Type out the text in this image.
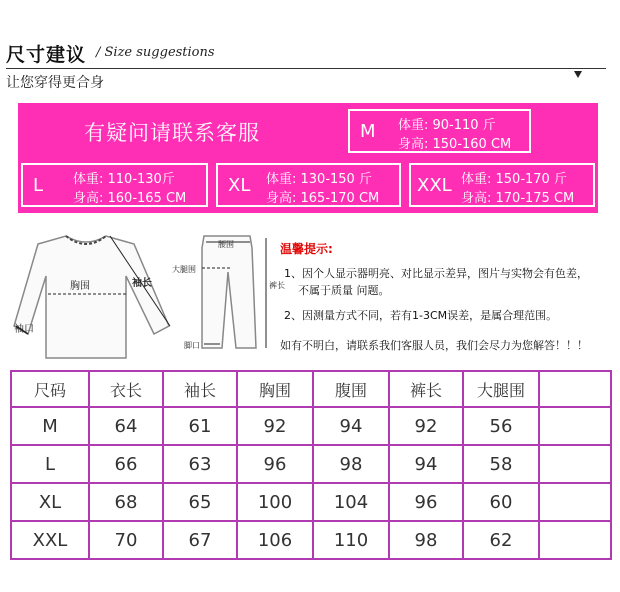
尺寸建议 / Size suggestions
让您穿得更合身
有疑问请联系客服	M 体重: 90-110 斤
身高: 150-160 CM
L 体重: 110-130斤
身高: 160-165 CM
XL 体重: 130-150 斤
身高: 165-170 CM
XXL 体重: 150-170 斤
身高: 170-175 CM
胸围	袖长
袖口
腰围
大腿围
裤长
脚口
温馨提示:
1、因个人显示器明亮、对比显示差异，图片与实物会有色差，
不属于质量 问题。
2、因测量方式不同，若有1-3CM误差，是属合理范围。
如有不明白，请联系我们客服人员，我们会尽力为您解答！！！
尺码	衣长	袖长	胸围	腹围	裤长	大腿围	
M	64	61	92	94	92	56	
L	66	63	96	98	94	58	
XL	68	65	100	104	96	60	
XXL	70	67	106	110	98	62	
